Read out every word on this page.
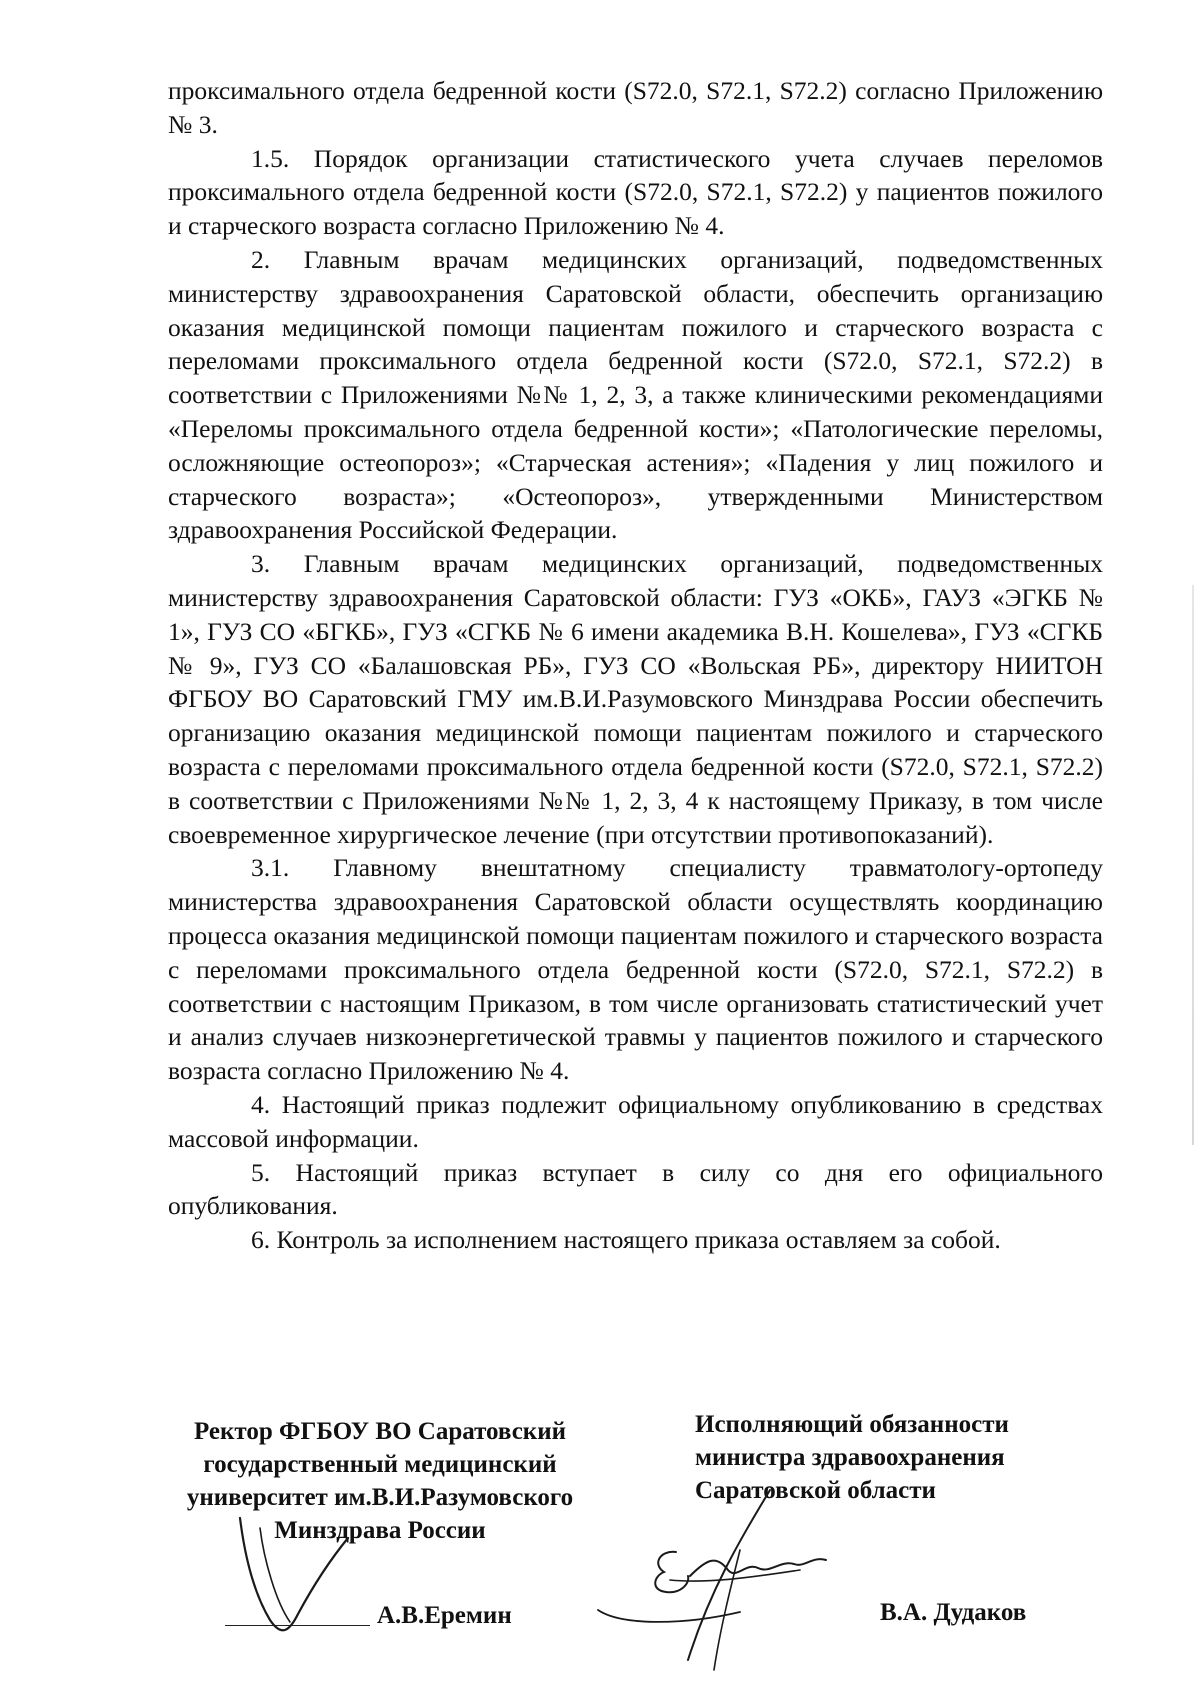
проксимального отдела бедренной кости (S72.0, S72.1, S72.2) согласно Приложению № 3.

1.5. Порядок организации статистического учета случаев переломов проксимального отдела бедренной кости (S72.0, S72.1, S72.2) у пациентов пожилого и старческого возраста согласно Приложению № 4.

2. Главным врачам медицинских организаций, подведомственных министерству здравоохранения Саратовской области, обеспечить организацию оказания медицинской помощи пациентам пожилого и старческого возраста с переломами проксимального отдела бедренной кости (S72.0, S72.1, S72.2) в соответствии с Приложениями №№ 1, 2, 3, а также клиническими рекомендациями «Переломы проксимального отдела бедренной кости»; «Патологические переломы, осложняющие остеопороз»; «Старческая астения»; «Падения у лиц пожилого и старческого возраста»; «Остеопороз», утвержденными Министерством здравоохранения Российской Федерации.

3. Главным врачам медицинских организаций, подведомственных министерству здравоохранения Саратовской области: ГУЗ «ОКБ», ГАУЗ «ЭГКБ № 1», ГУЗ СО «БГКБ», ГУЗ «СГКБ № 6 имени академика В.Н. Кошелева», ГУЗ «СГКБ № 9», ГУЗ СО «Балашовская РБ», ГУЗ СО «Вольская РБ», директору НИИТОН ФГБОУ ВО Саратовский ГМУ им.В.И.Разумовского Минздрава России обеспечить организацию оказания медицинской помощи пациентам пожилого и старческого возраста с переломами проксимального отдела бедренной кости (S72.0, S72.1, S72.2) в соответствии с Приложениями №№ 1, 2, 3, 4 к настоящему Приказу, в том числе своевременное хирургическое лечение (при отсутствии противопоказаний).

3.1. Главному внештатному специалисту травматологу-ортопеду министерства здравоохранения Саратовской области осуществлять координацию процесса оказания медицинской помощи пациентам пожилого и старческого возраста с переломами проксимального отдела бедренной кости (S72.0, S72.1, S72.2) в соответствии с настоящим Приказом, в том числе организовать статистический учет и анализ случаев низкоэнергетической травмы у пациентов пожилого и старческого возраста согласно Приложению № 4.

4. Настоящий приказ подлежит официальному опубликованию в средствах массовой информации.

5. Настоящий приказ вступает в силу со дня его официального опубликования.

6. Контроль за исполнением настоящего приказа оставляем за собой.

Ректор ФГБОУ ВО Саратовский
государственный медицинский
университет им.В.И.Разумовского
Минздрава России
Исполняющий обязанности
министра здравоохранения
Саратовской области
А.В.Еремин	В.А. Дудаков
